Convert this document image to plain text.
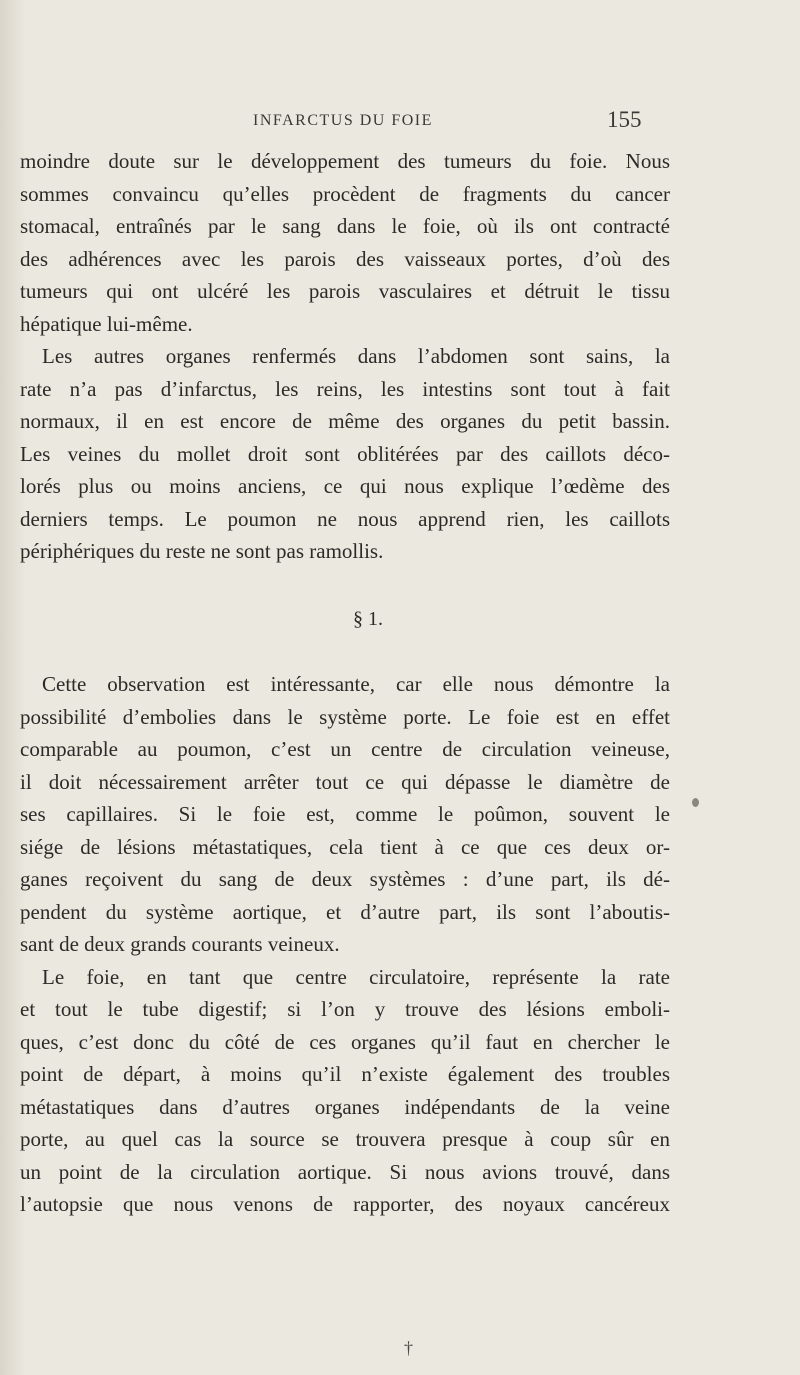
INFARCTUS DU FOIE	155
moindre doute sur le développement des tumeurs du foie. Nous
sommes convaincu qu’elles procèdent de fragments du cancer
stomacal, entraînés par le sang dans le foie, où ils ont contracté
des adhérences avec les parois des vaisseaux portes, d’où des
tumeurs qui ont ulcéré les parois vasculaires et détruit le tissu
hépatique lui-même.
Les autres organes renfermés dans l’abdomen sont sains, la
rate n’a pas d’infarctus, les reins, les intestins sont tout à fait
normaux, il en est encore de même des organes du petit bassin.
Les veines du mollet droit sont oblitérées par des caillots déco-
lorés plus ou moins anciens, ce qui nous explique l’œdème des
derniers temps. Le poumon ne nous apprend rien, les caillots
périphériques du reste ne sont pas ramollis.
§ 1.
Cette observation est intéressante, car elle nous démontre la
possibilité d’embolies dans le système porte. Le foie est en effet
comparable au poumon, c’est un centre de circulation veineuse,
il doit nécessairement arrêter tout ce qui dépasse le diamètre de
ses capillaires. Si le foie est, comme le poûmon, souvent le
siége de lésions métastatiques, cela tient à ce que ces deux or-
ganes reçoivent du sang de deux systèmes : d’une part, ils dé-
pendent du système aortique, et d’autre part, ils sont l’aboutis-
sant de deux grands courants veineux.
Le foie, en tant que centre circulatoire, représente la rate
et tout le tube digestif; si l’on y trouve des lésions emboli-
ques, c’est donc du côté de ces organes qu’il faut en chercher le
point de départ, à moins qu’il n’existe également des troubles
métastatiques dans d’autres organes indépendants de la veine
porte, au quel cas la source se trouvera presque à coup sûr en
un point de la circulation aortique. Si nous avions trouvé, dans
l’autopsie que nous venons de rapporter, des noyaux cancéreux
†
